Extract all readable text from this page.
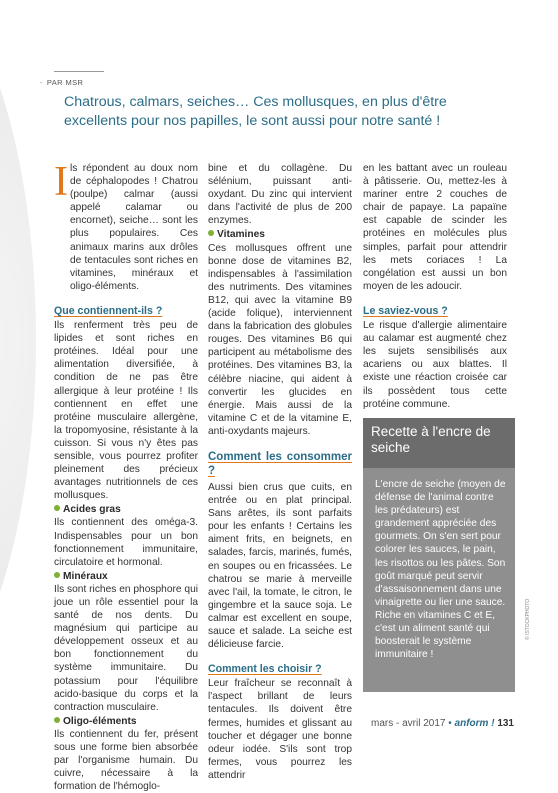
- PAR MSR

Chatrous, calmars, seiches… Ces mollusques, en plus d'être excellents pour nos papilles, le sont aussi pour notre santé !

I ls répondent au doux nom de céphalopodes ! Chatrou (poulpe) calmar (aussi appelé calamar ou encornet), seiche… sont les plus populaires. Ces animaux marins aux drôles de tentacules sont riches en vitamines, minéraux et oligo-éléments.

Que contiennent-ils ?

Ils renferment très peu de lipides et sont riches en protéines. Idéal pour une alimentation diversifiée, à condition de ne pas être allergique à leur protéine ! Ils contiennent en effet une protéine musculaire allergène, la tropomyosine, résistante à la cuisson. Si vous n'y êtes pas sensible, vous pourrez profiter pleinement des précieux avantages nutritionnels de ces mollusques.

Acides gras

Ils contiennent des oméga-3. Indispensables pour un bon fonctionnement immunitaire, circulatoire et hormonal.

Minéraux

Ils sont riches en phosphore qui joue un rôle essentiel pour la santé de nos dents. Du magnésium qui participe au développement osseux et au bon fonctionnement du système immunitaire. Du potassium pour l'équilibre acido-basique du corps et la contraction musculaire.

Oligo-éléments

Ils contiennent du fer, présent sous une forme bien absorbée par l'organisme humain. Du cuivre, nécessaire à la formation de l'hémoglo-

bine et du collagène. Du sélénium, puissant anti-oxydant. Du zinc qui intervient dans l'activité de plus de 200 enzymes.

Vitamines

Ces mollusques offrent une bonne dose de vitamines B2, indispensables à l'assimilation des nutriments. Des vitamines B12, qui avec la vitamine B9 (acide folique), interviennent dans la fabrication des globules rouges. Des vitamines B6 qui participent au métabolisme des protéines. Des vitamines B3, la célèbre niacine, qui aident à convertir les glucides en énergie. Mais aussi de la vitamine C et de la vitamine E, anti-oxydants majeurs.

Comment les consommer ?

Aussi bien crus que cuits, en entrée ou en plat principal. Sans arêtes, ils sont parfaits pour les enfants ! Certains les aiment frits, en beignets, en salades, farcis, marinés, fumés, en soupes ou en fricassées. Le chatrou se marie à merveille avec l'ail, la tomate, le citron, le gingembre et la sauce soja. Le calmar est excellent en soupe, sauce et salade. La seiche est délicieuse farcie.

Comment les choisir ?

Leur fraîcheur se reconnaît à l'aspect brillant de leurs tentacules. Ils doivent être fermes, humides et glissant au toucher et dégager une bonne odeur iodée. S'ils sont trop fermes, vous pourrez les attendrir

en les battant avec un rouleau à pâtisserie. Ou, mettez-les à mariner entre 2 couches de chair de papaye. La papaïne est capable de scinder les protéines en molécules plus simples, parfait pour attendrir les mets coriaces ! La congélation est aussi un bon moyen de les adoucir.

Le saviez-vous ?

Le risque d'allergie alimentaire au calamar est augmenté chez les sujets sensibilisés aux acariens ou aux blattes. Il existe une réaction croisée car ils possèdent tous cette protéine commune.

Recette à l'encre de seiche
L'encre de seiche (moyen de défense de l'animal contre les prédateurs) est grandement appréciée des gourmets. On s'en sert pour colorer les sauces, le pain, les risottos ou les pâtes. Son goût marqué peut servir d'assaisonnement dans une vinaigrette ou lier une sauce. Riche en vitamines C et E, c'est un aliment santé qui boosterait le système immunitaire !
© ISTOCKPHOTO
mars - avril 2017 • anform ! 131
